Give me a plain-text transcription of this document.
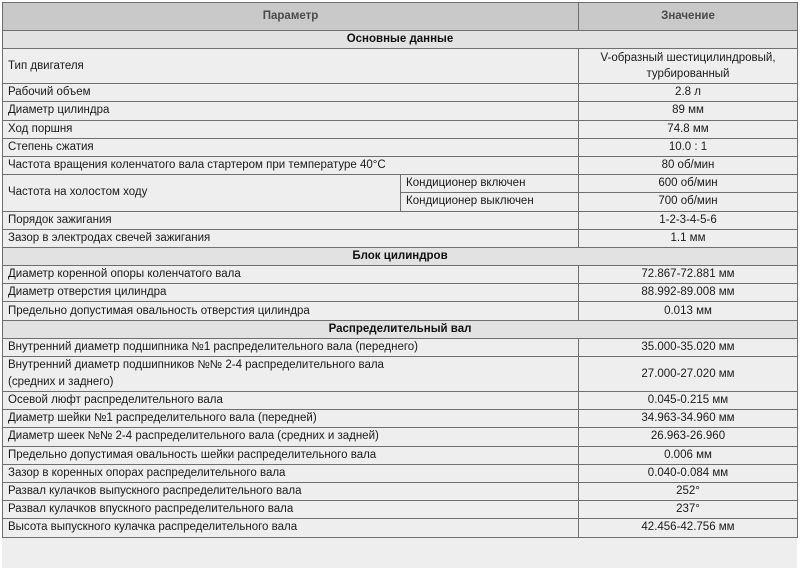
Параметр		Значение
Основные данные		
Тип двигателя		V-образный шестицилиндровый,
турбированный
Рабочий объем		2.8 л
Диаметр цилиндра		89 мм
Ход поршня		74.8 мм
Степень сжатия		10.0 : 1
Частота вращения коленчатого вала стартером при температуре 40°С		80 об/мин
Частота на холостом ходу	Кондиционер включен	600 об/мин
	Кондиционер выключен	700 об/мин
Порядок зажигания		1-2-3-4-5-6
Зазор в электродах свечей зажигания		1.1 мм
Блок цилиндров		
Диаметр коренной опоры коленчатого вала		72.867-72.881 мм
Диаметр отверстия цилиндра		88.992-89.008 мм
Предельно допустимая овальность отверстия цилиндра		0.013 мм
Распределительный вал		
Внутренний диаметр подшипника №1 распределительного вала (переднего)		35.000-35.020 мм
Внутренний диаметр подшипников №№ 2-4 распределительного вала
(средних и заднего)		27.000-27.020 мм
Осевой люфт распределительного вала		0.045-0.215 мм
Диаметр шейки №1 распределительного вала (передней)		34.963-34.960 мм
Диаметр шеек №№ 2-4 распределительного вала (средних и задней)		26.963-26.960
Предельно допустимая овальность шейки распределительного вала		0.006 мм
Зазор в коренных опорах распределительного вала		0.040-0.084 мм
Развал кулачков выпускного распределительного вала		252°
Развал кулачков впускного распределительного вала		237°
Высота выпускного кулачка распределительного вала		42.456-42.756 мм
